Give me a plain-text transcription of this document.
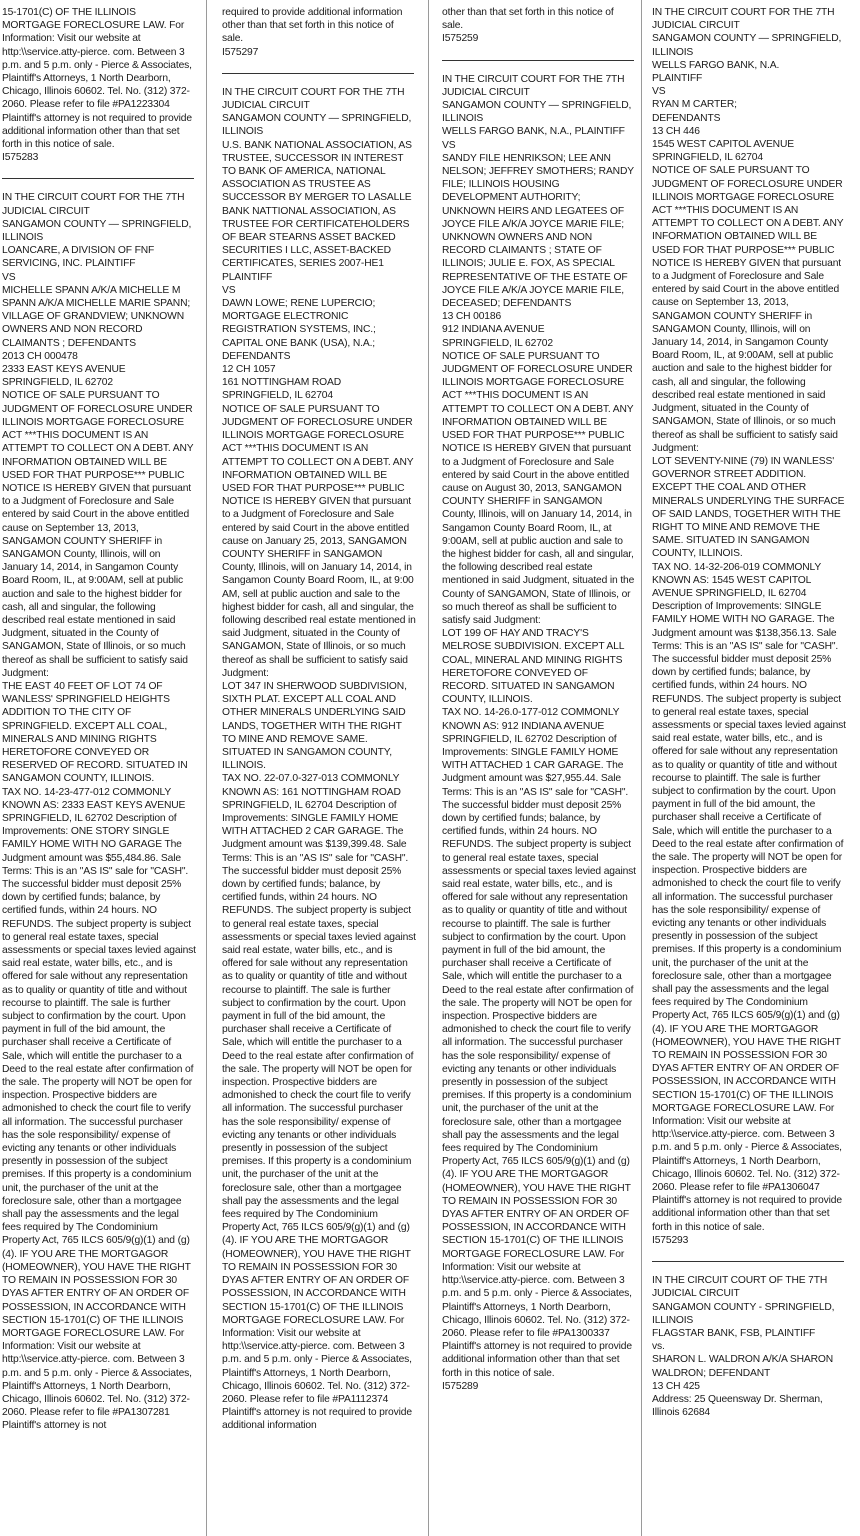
15-1701(C) OF THE ILLINOIS MORTGAGE FORECLOSURE LAW. For Information: Visit our website at http:\\service.atty-pierce. com. Between 3 p.m. and 5 p.m. only - Pierce & Associates, Plaintiff's Attorneys, 1 North Dearborn, Chicago, Illinois 60602. Tel. No. (312) 372-2060. Please refer to file #PA1223304 Plaintiff's attorney is not required to provide additional information other than that set forth in this notice of sale.

I575283

IN THE CIRCUIT COURT FOR THE 7TH JUDICIAL CIRCUIT
SANGAMON COUNTY — SPRINGFIELD, ILLINOIS
LOANCARE, A DIVISION OF FNF SERVICING, INC. PLAINTIFF
VS
MICHELLE SPANN A/K/A MICHELLE M SPANN A/K/A MICHELLE MARIE SPANN; VILLAGE OF GRANDVIEW; UNKNOWN OWNERS AND NON RECORD CLAIMANTS ; DEFENDANTS
2013 CH 000478
2333 EAST KEYS AVENUE
SPRINGFIELD, IL 62702
NOTICE OF SALE PURSUANT TO JUDGMENT OF FORECLOSURE UNDER ILLINOIS MORTGAGE FORECLOSURE ACT ***THIS DOCUMENT IS AN ATTEMPT TO COLLECT ON A DEBT. ANY INFORMATION OBTAINED WILL BE USED FOR THAT PURPOSE*** PUBLIC NOTICE IS HEREBY GIVEN that pursuant to a Judgment of Foreclosure and Sale entered by said Court in the above entitled cause on September 13, 2013, SANGAMON COUNTY SHERIFF in SANGAMON County, Illinois, will on January 14, 2014, in Sangamon County Board Room, IL, at 9:00AM, sell at public auction and sale to the highest bidder for cash, all and singular, the following described real estate mentioned in said Judgment, situated in the County of SANGAMON, State of Illinois, or so much thereof as shall be sufficient to satisfy said Judgment:
THE EAST 40 FEET OF LOT 74 OF WANLESS' SPRINGFIELD HEIGHTS ADDITION TO THE CITY OF SPRINGFIELD. EXCEPT ALL COAL, MINERALS AND MINING RIGHTS HERETOFORE CONVEYED OR RESERVED OF RECORD. SITUATED IN SANGAMON COUNTY, ILLINOIS.
TAX NO. 14-23-477-012 COMMONLY KNOWN AS: 2333 EAST KEYS AVENUE SPRINGFIELD, IL 62702 Description of Improvements: ONE STORY SINGLE FAMILY HOME WITH NO GARAGE The Judgment amount was $55,484.86. Sale Terms: This is an "AS IS" sale for "CASH". The successful bidder must deposit 25% down by certified funds; balance, by certified funds, within 24 hours. NO REFUNDS. The subject property is subject to general real estate taxes, special assessments or special taxes levied against said real estate, water bills, etc., and is offered for sale without any representation as to quality or quantity of title and without recourse to plaintiff. The sale is further subject to confirmation by the court. Upon payment in full of the bid amount, the purchaser shall receive a Certificate of Sale, which will entitle the purchaser to a Deed to the real estate after confirmation of the sale. The property will NOT be open for inspection. Prospective bidders are admonished to check the court file to verify all information. The successful purchaser has the sole responsibility/ expense of evicting any tenants or other individuals presently in possession of the subject premises. If this property is a condominium unit, the purchaser of the unit at the foreclosure sale, other than a mortgagee shall pay the assessments and the legal fees required by The Condominium Property Act, 765 ILCS 605/9(g)(1) and (g)(4). IF YOU ARE THE MORTGAGOR (HOMEOWNER), YOU HAVE THE RIGHT TO REMAIN IN POSSESSION FOR 30 DYAS AFTER ENTRY OF AN ORDER OF POSSESSION, IN ACCORDANCE WITH SECTION 15-1701(C) OF THE ILLINOIS MORTGAGE FORECLOSURE LAW. For Information: Visit our website at http:\\service.atty-pierce. com. Between 3 p.m. and 5 p.m. only - Pierce & Associates, Plaintiff's Attorneys, 1 North Dearborn, Chicago, Illinois 60602. Tel. No. (312) 372-2060. Please refer to file #PA1307281 Plaintiff's attorney is not

required to provide additional information other than that set forth in this notice of sale.

I575297

IN THE CIRCUIT COURT FOR THE 7TH JUDICIAL CIRCUIT
SANGAMON COUNTY — SPRINGFIELD, ILLINOIS
U.S. BANK NATIONAL ASSOCIATION, AS TRUSTEE, SUCCESSOR IN INTEREST TO BANK OF AMERICA, NATIONAL ASSOCIATION AS TRUSTEE AS SUCCESSOR BY MERGER TO LASALLE BANK NATTIONAL ASSOCIATION, AS TRUSTEE FOR CERTIFICATEHOLDERS OF BEAR STEARNS ASSET BACKED SECURITIES I LLC, ASSET-BACKED CERTIFICATES, SERIES 2007-HE1 PLAINTIFF
VS
DAWN LOWE; RENE LUPERCIO; MORTGAGE ELECTRONIC REGISTRATION SYSTEMS, INC.; CAPITAL ONE BANK (USA), N.A.; DEFENDANTS
12 CH 1057
161 NOTTINGHAM ROAD
SPRINGFIELD, IL 62704
NOTICE OF SALE PURSUANT TO JUDGMENT OF FORECLOSURE UNDER ILLINOIS MORTGAGE FORECLOSURE ACT ***THIS DOCUMENT IS AN ATTEMPT TO COLLECT ON A DEBT. ANY INFORMATION OBTAINED WILL BE USED FOR THAT PURPOSE*** PUBLIC NOTICE IS HEREBY GIVEN that pursuant to a Judgment of Foreclosure and Sale entered by said Court in the above entitled cause on January 25, 2013, SANGAMON COUNTY SHERIFF in SANGAMON County, Illinois, will on January 14, 2014, in Sangamon County Board Room, IL, at 9:00 AM, sell at public auction and sale to the highest bidder for cash, all and singular, the following described real estate mentioned in said Judgment, situated in the County of SANGAMON, State of Illinois, or so much thereof as shall be sufficient to satisfy said Judgment:
LOT 347 IN SHERWOOD SUBDIVISION, SIXTH PLAT. EXCEPT ALL COAL AND OTHER MINERALS UNDERLYING SAID LANDS, TOGETHER WITH THE RIGHT TO MINE AND REMOVE SAME. SITUATED IN SANGAMON COUNTY, ILLINOIS.
TAX NO. 22-07.0-327-013 COMMONLY KNOWN AS: 161 NOTTINGHAM ROAD SPRINGFIELD, IL 62704 Description of Improvements: SINGLE FAMILY HOME WITH ATTACHED 2 CAR GARAGE. The Judgment amount was $139,399.48. Sale Terms: This is an "AS IS" sale for "CASH". The successful bidder must deposit 25% down by certified funds; balance, by certified funds, within 24 hours. NO REFUNDS. The subject property is subject to general real estate taxes, special assessments or special taxes levied against said real estate, water bills, etc., and is offered for sale without any representation as to quality or quantity of title and without recourse to plaintiff. The sale is further subject to confirmation by the court. Upon payment in full of the bid amount, the purchaser shall receive a Certificate of Sale, which will entitle the purchaser to a Deed to the real estate after confirmation of the sale. The property will NOT be open for inspection. Prospective bidders are admonished to check the court file to verify all information. The successful purchaser has the sole responsibility/ expense of evicting any tenants or other individuals presently in possession of the subject premises. If this property is a condominium unit, the purchaser of the unit at the foreclosure sale, other than a mortgagee shall pay the assessments and the legal fees required by The Condominium Property Act, 765 ILCS 605/9(g)(1) and (g)(4). IF YOU ARE THE MORTGAGOR (HOMEOWNER), YOU HAVE THE RIGHT TO REMAIN IN POSSESSION FOR 30 DYAS AFTER ENTRY OF AN ORDER OF POSSESSION, IN ACCORDANCE WITH SECTION 15-1701(C) OF THE ILLINOIS MORTGAGE FORECLOSURE LAW. For Information: Visit our website at http:\\service.atty-pierce. com. Between 3 p.m. and 5 p.m. only - Pierce & Associates, Plaintiff's Attorneys, 1 North Dearborn, Chicago, Illinois 60602. Tel. No. (312) 372-2060. Please refer to file #PA1112374 Plaintiff's attorney is not required to provide additional information

other than that set forth in this notice of sale.

I575259

IN THE CIRCUIT COURT FOR THE 7TH JUDICIAL CIRCUIT
SANGAMON COUNTY — SPRINGFIELD, ILLINOIS
WELLS FARGO BANK, N.A., PLAINTIFF
VS
SANDY FILE HENRIKSON; LEE ANN NELSON; JEFFREY SMOTHERS; RANDY FILE; ILLINOIS HOUSING DEVELOPMENT AUTHORITY; UNKNOWN HEIRS AND LEGATEES OF JOYCE FILE A/K/A JOYCE MARIE FILE; UNKNOWN OWNERS AND NON RECORD CLAIMANTS ; STATE OF ILLINOIS; JULIE E. FOX, AS SPECIAL REPRESENTATIVE OF THE ESTATE OF JOYCE FILE A/K/A JOYCE MARIE FILE, DECEASED; DEFENDANTS
13 CH 00186
912 INDIANA AVENUE
SPRINGFIELD, IL 62702
NOTICE OF SALE PURSUANT TO JUDGMENT OF FORECLOSURE UNDER ILLINOIS MORTGAGE FORECLOSURE ACT ***THIS DOCUMENT IS AN ATTEMPT TO COLLECT ON A DEBT. ANY INFORMATION OBTAINED WILL BE USED FOR THAT PURPOSE*** PUBLIC NOTICE IS HEREBY GIVEN that pursuant to a Judgment of Foreclosure and Sale entered by said Court in the above entitled cause on August 30, 2013, SANGAMON COUNTY SHERIFF in SANGAMON County, Illinois, will on January 14, 2014, in Sangamon County Board Room, IL, at 9:00AM, sell at public auction and sale to the highest bidder for cash, all and singular, the following described real estate mentioned in said Judgment, situated in the County of SANGAMON, State of Illinois, or so much thereof as shall be sufficient to satisfy said Judgment:
LOT 199 OF HAY AND TRACY'S MELROSE SUBDIVISION. EXCEPT ALL COAL, MINERAL AND MINING RIGHTS HERETOFORE CONVEYED OF RECORD. SITUATED IN SANGAMON COUNTY, ILLINOIS.
TAX NO. 14-26.0-177-012 COMMONLY KNOWN AS: 912 INDIANA AVENUE SPRINGFIELD, IL 62702 Description of Improvements: SINGLE FAMILY HOME WITH ATTACHED 1 CAR GARAGE. The Judgment amount was $27,955.44. Sale Terms: This is an "AS IS" sale for "CASH". The successful bidder must deposit 25% down by certified funds; balance, by certified funds, within 24 hours. NO REFUNDS. The subject property is subject to general real estate taxes, special assessments or special taxes levied against said real estate, water bills, etc., and is offered for sale without any representation as to quality or quantity of title and without recourse to plaintiff. The sale is further subject to confirmation by the court. Upon payment in full of the bid amount, the purchaser shall receive a Certificate of Sale, which will entitle the purchaser to a Deed to the real estate after confirmation of the sale. The property will NOT be open for inspection. Prospective bidders are admonished to check the court file to verify all information. The successful purchaser has the sole responsibility/ expense of evicting any tenants or other individuals presently in possession of the subject premises. If this property is a condominium unit, the purchaser of the unit at the foreclosure sale, other than a mortgagee shall pay the assessments and the legal fees required by The Condominium Property Act, 765 ILCS 605/9(g)(1) and (g)(4). IF YOU ARE THE MORTGAGOR (HOMEOWNER), YOU HAVE THE RIGHT TO REMAIN IN POSSESSION FOR 30 DYAS AFTER ENTRY OF AN ORDER OF POSSESSION, IN ACCORDANCE WITH SECTION 15-1701(C) OF THE ILLINOIS MORTGAGE FORECLOSURE LAW. For Information: Visit our website at http:\\service.atty-pierce. com. Between 3 p.m. and 5 p.m. only - Pierce & Associates, Plaintiff's Attorneys, 1 North Dearborn, Chicago, Illinois 60602. Tel. No. (312) 372-2060. Please refer to file #PA1300337 Plaintiff's attorney is not required to provide additional information other than that set forth in this notice of sale.

I575289

IN THE CIRCUIT COURT FOR THE 7TH JUDICIAL CIRCUIT
SANGAMON COUNTY — SPRINGFIELD, ILLINOIS
WELLS FARGO BANK, N.A.
PLAINTIFF
VS
RYAN M CARTER;
DEFENDANTS
13 CH 446
1545 WEST CAPITOL AVENUE
SPRINGFIELD, IL 62704
NOTICE OF SALE PURSUANT TO JUDGMENT OF FORECLOSURE UNDER ILLINOIS MORTGAGE FORECLOSURE ACT ***THIS DOCUMENT IS AN ATTEMPT TO COLLECT ON A DEBT. ANY INFORMATION OBTAINED WILL BE USED FOR THAT PURPOSE*** PUBLIC NOTICE IS HEREBY GIVEN that pursuant to a Judgment of Foreclosure and Sale entered by said Court in the above entitled cause on September 13, 2013, SANGAMON COUNTY SHERIFF in SANGAMON County, Illinois, will on January 14, 2014, in Sangamon County Board Room, IL, at 9:00AM, sell at public auction and sale to the highest bidder for cash, all and singular, the following described real estate mentioned in said Judgment, situated in the County of SANGAMON, State of Illinois, or so much thereof as shall be sufficient to satisfy said Judgment:
LOT SEVENTY-NINE (79) IN WANLESS' GOVERNOR STREET ADDITION. EXCEPT THE COAL AND OTHER MINERALS UNDERLYING THE SURFACE OF SAID LANDS, TOGETHER WITH THE RIGHT TO MINE AND REMOVE THE SAME. SITUATED IN SANGAMON COUNTY, ILLINOIS.
TAX NO. 14-32-206-019 COMMONLY KNOWN AS: 1545 WEST CAPITOL AVENUE SPRINGFIELD, IL 62704 Description of Improvements: SINGLE FAMILY HOME WITH NO GARAGE. The Judgment amount was $138,356.13. Sale Terms: This is an "AS IS" sale for "CASH". The successful bidder must deposit 25% down by certified funds; balance, by certified funds, within 24 hours. NO REFUNDS. The subject property is subject to general real estate taxes, special assessments or special taxes levied against said real estate, water bills, etc., and is offered for sale without any representation as to quality or quantity of title and without recourse to plaintiff. The sale is further subject to confirmation by the court. Upon payment in full of the bid amount, the purchaser shall receive a Certificate of Sale, which will entitle the purchaser to a Deed to the real estate after confirmation of the sale. The property will NOT be open for inspection. Prospective bidders are admonished to check the court file to verify all information. The successful purchaser has the sole responsibility/ expense of evicting any tenants or other individuals presently in possession of the subject premises. If this property is a condominium unit, the purchaser of the unit at the foreclosure sale, other than a mortgagee shall pay the assessments and the legal fees required by The Condominium Property Act, 765 ILCS 605/9(g)(1) and (g)(4). IF YOU ARE THE MORTGAGOR (HOMEOWNER), YOU HAVE THE RIGHT TO REMAIN IN POSSESSION FOR 30 DYAS AFTER ENTRY OF AN ORDER OF POSSESSION, IN ACCORDANCE WITH SECTION 15-1701(C) OF THE ILLINOIS MORTGAGE FORECLOSURE LAW. For Information: Visit our website at http:\\service.atty-pierce. com. Between 3 p.m. and 5 p.m. only - Pierce & Associates, Plaintiff's Attorneys, 1 North Dearborn, Chicago, Illinois 60602. Tel. No. (312) 372-2060. Please refer to file #PA1306047 Plaintiff's attorney is not required to provide additional information other than that set forth in this notice of sale.

I575293

IN THE CIRCUIT COURT OF THE 7TH JUDICIAL CIRCUIT
SANGAMON COUNTY - SPRINGFIELD, ILLINOIS
FLAGSTAR BANK, FSB, PLAINTIFF
vs.
SHARON L. WALDRON A/K/A SHARON WALDRON; DEFENDANT
13 CH 425
Address: 25 Queensway Dr. Sherman, Illinois 62684
